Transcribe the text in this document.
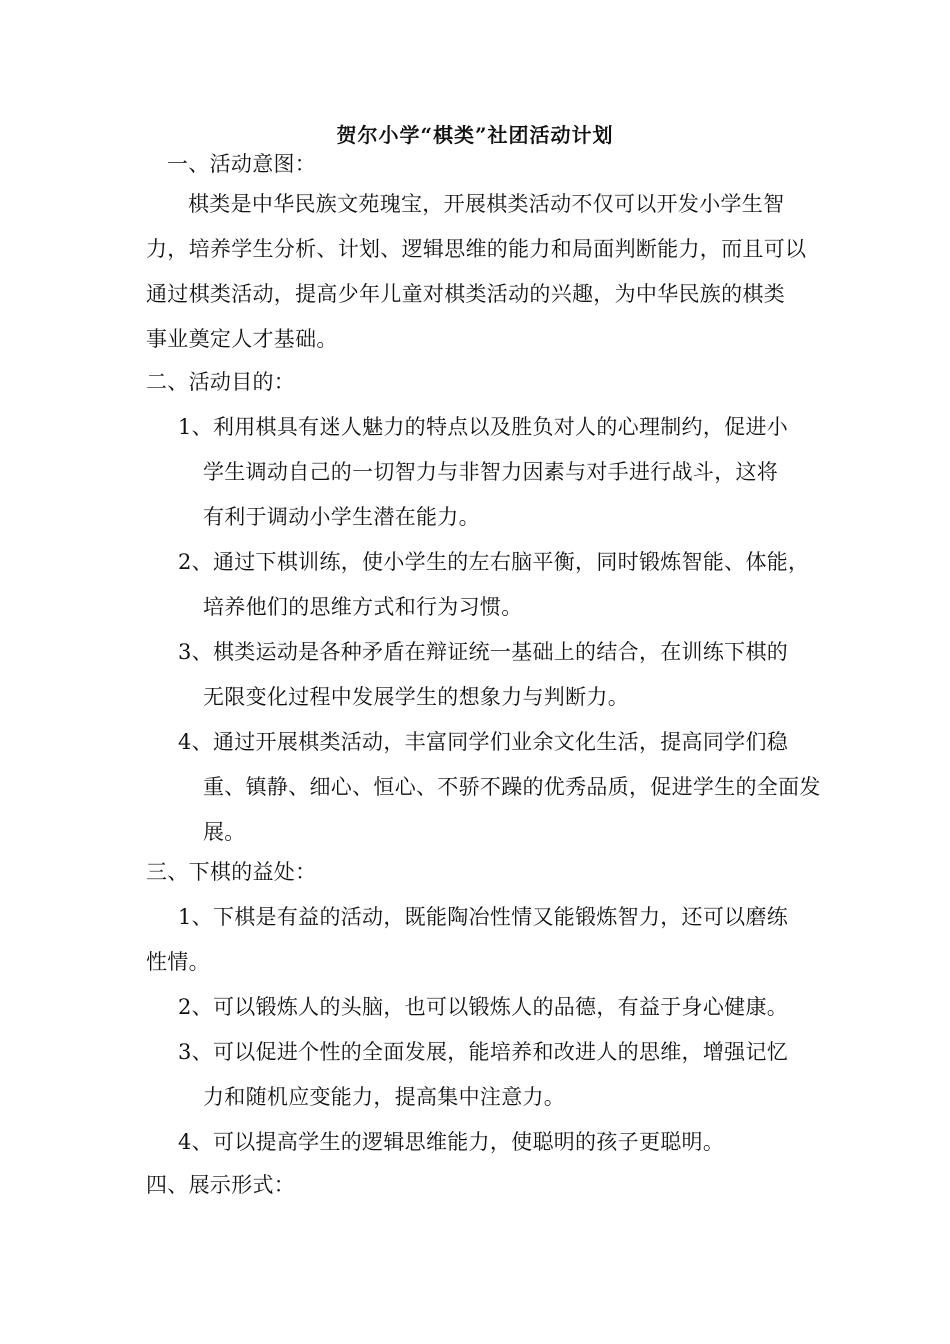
贺尔小学“棋类”社团活动计划
一、活动意图：
棋类是中华民族文苑瑰宝，开展棋类活动不仅可以开发小学生智
力，培养学生分析、计划、逻辑思维的能力和局面判断能力，而且可以
通过棋类活动，提高少年儿童对棋类活动的兴趣，为中华民族的棋类
事业奠定人才基础。
二、活动目的：
1、利用棋具有迷人魅力的特点以及胜负对人的心理制约，促进小
学生调动自己的一切智力与非智力因素与对手进行战斗，这将
有利于调动小学生潜在能力。
2、通过下棋训练，使小学生的左右脑平衡，同时锻炼智能、体能，
培养他们的思维方式和行为习惯。
3、棋类运动是各种矛盾在辩证统一基础上的结合，在训练下棋的
无限变化过程中发展学生的想象力与判断力。
4、通过开展棋类活动，丰富同学们业余文化生活，提高同学们稳
重、镇静、细心、恒心、不骄不躁的优秀品质，促进学生的全面发
展。
三、下棋的益处：
1、下棋是有益的活动，既能陶冶性情又能锻炼智力，还可以磨练
性情。
2、可以锻炼人的头脑，也可以锻炼人的品德，有益于身心健康。
3、可以促进个性的全面发展，能培养和改进人的思维，增强记忆
力和随机应变能力，提高集中注意力。
4、可以提高学生的逻辑思维能力，使聪明的孩子更聪明。
四、展示形式：
